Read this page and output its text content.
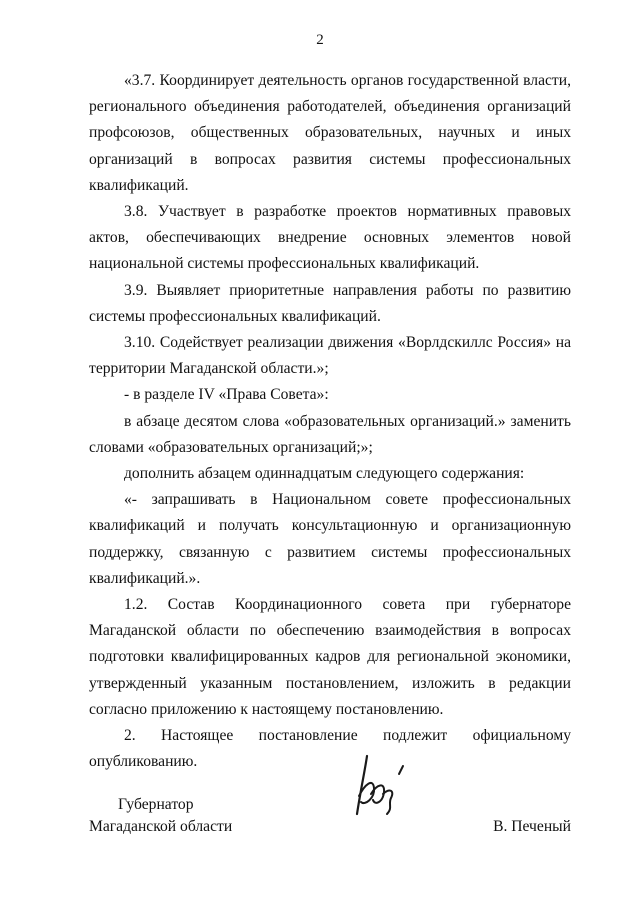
2

«3.7. Координирует деятельность органов государственной власти, регионального объединения работодателей, объединения организаций профсоюзов, общественных образовательных, научных и иных организаций в вопросах развития системы профессиональных квалификаций.

3.8. Участвует в разработке проектов нормативных правовых актов, обеспечивающих внедрение основных элементов новой национальной системы профессиональных квалификаций.

3.9. Выявляет приоритетные направления работы по развитию системы профессиональных квалификаций.

3.10. Содействует реализации движения «Ворлдскиллс Россия» на территории Магаданской области.»;

- в разделе IV «Права Совета»:

в абзаце десятом слова «образовательных организаций.» заменить словами «образовательных организаций;»;

дополнить абзацем одиннадцатым следующего содержания:

«- запрашивать в Национальном совете профессиональных квалификаций и получать консультационную и организационную поддержку, связанную с развитием системы профессиональных квалификаций.».

1.2. Состав Координационного совета при губернаторе Магаданской области по обеспечению взаимодействия в вопросах подготовки квалифицированных кадров для региональной экономики, утвержденный указанным постановлением, изложить в редакции согласно приложению к настоящему постановлению.

2. Настоящее постановление подлежит официальному опубликованию.

Губернатор
Магаданской области	В. Печеный
